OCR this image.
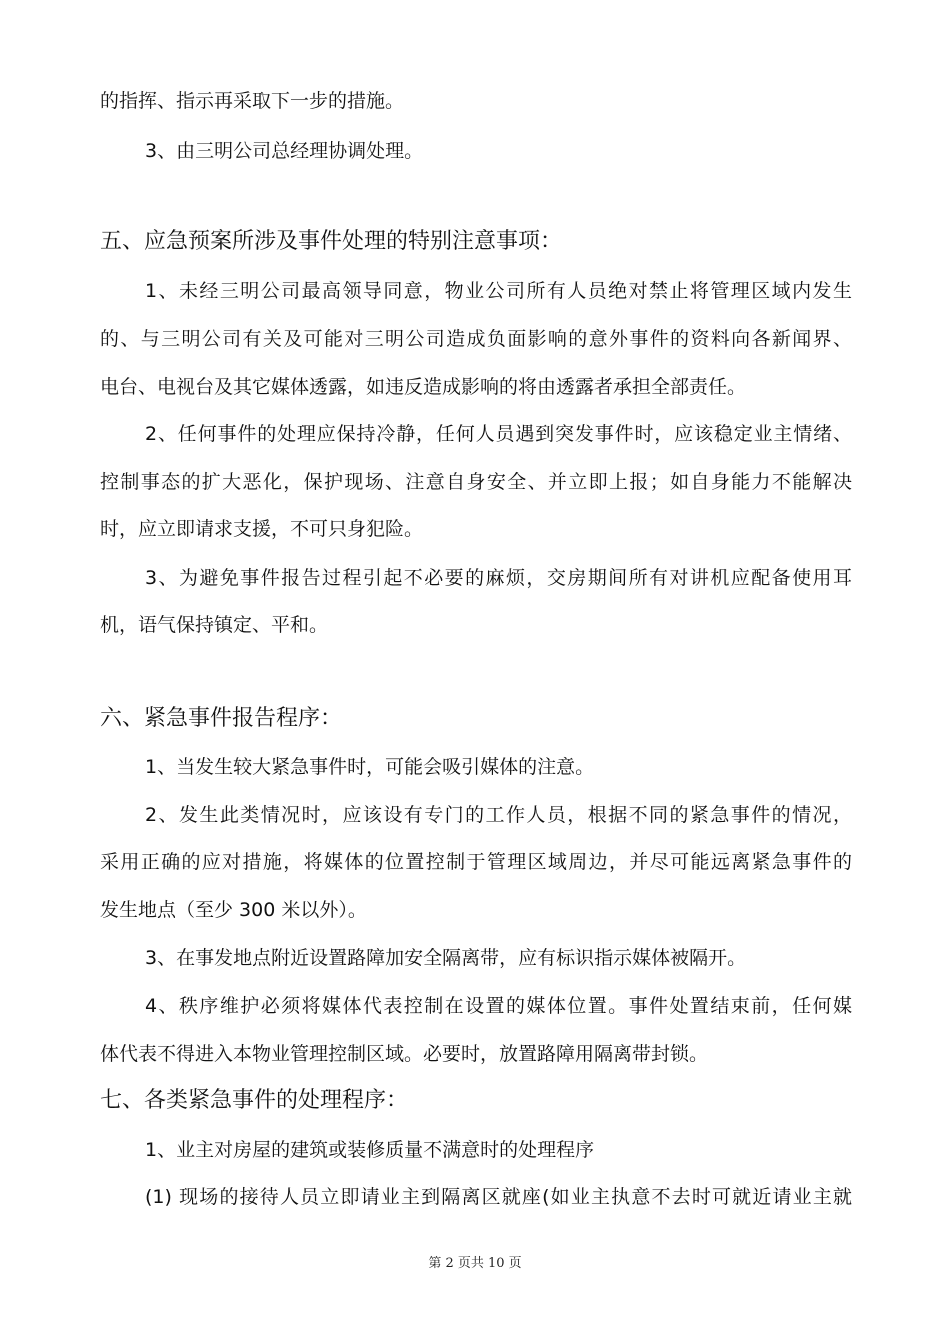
的指挥、指示再采取下一步的措施。
3、由三明公司总经理协调处理。
五、应急预案所涉及事件处理的特别注意事项：
1、未经三明公司最高领导同意，物业公司所有人员绝对禁止将管理区域内发生
的、与三明公司有关及可能对三明公司造成负面影响的意外事件的资料向各新闻界、
电台、电视台及其它媒体透露，如违反造成影响的将由透露者承担全部责任。
2、任何事件的处理应保持冷静，任何人员遇到突发事件时，应该稳定业主情绪、
控制事态的扩大恶化，保护现场、注意自身安全、并立即上报；如自身能力不能解决
时，应立即请求支援，不可只身犯险。
3、为避免事件报告过程引起不必要的麻烦，交房期间所有对讲机应配备使用耳
机，语气保持镇定、平和。
六、紧急事件报告程序：
1、当发生较大紧急事件时，可能会吸引媒体的注意。
2、发生此类情况时，应该设有专门的工作人员，根据不同的紧急事件的情况，
采用正确的应对措施，将媒体的位置控制于管理区域周边，并尽可能远离紧急事件的
发生地点（至少 300 米以外）。
3、在事发地点附近设置路障加安全隔离带，应有标识指示媒体被隔开。
4、秩序维护必须将媒体代表控制在设置的媒体位置。事件处置结束前，任何媒
体代表不得进入本物业管理控制区域。必要时，放置路障用隔离带封锁。
七、各类紧急事件的处理程序：
1、业主对房屋的建筑或装修质量不满意时的处理程序
(1) 现场的接待人员立即请业主到隔离区就座(如业主执意不去时可就近请业主就
第 2 页共 10 页
